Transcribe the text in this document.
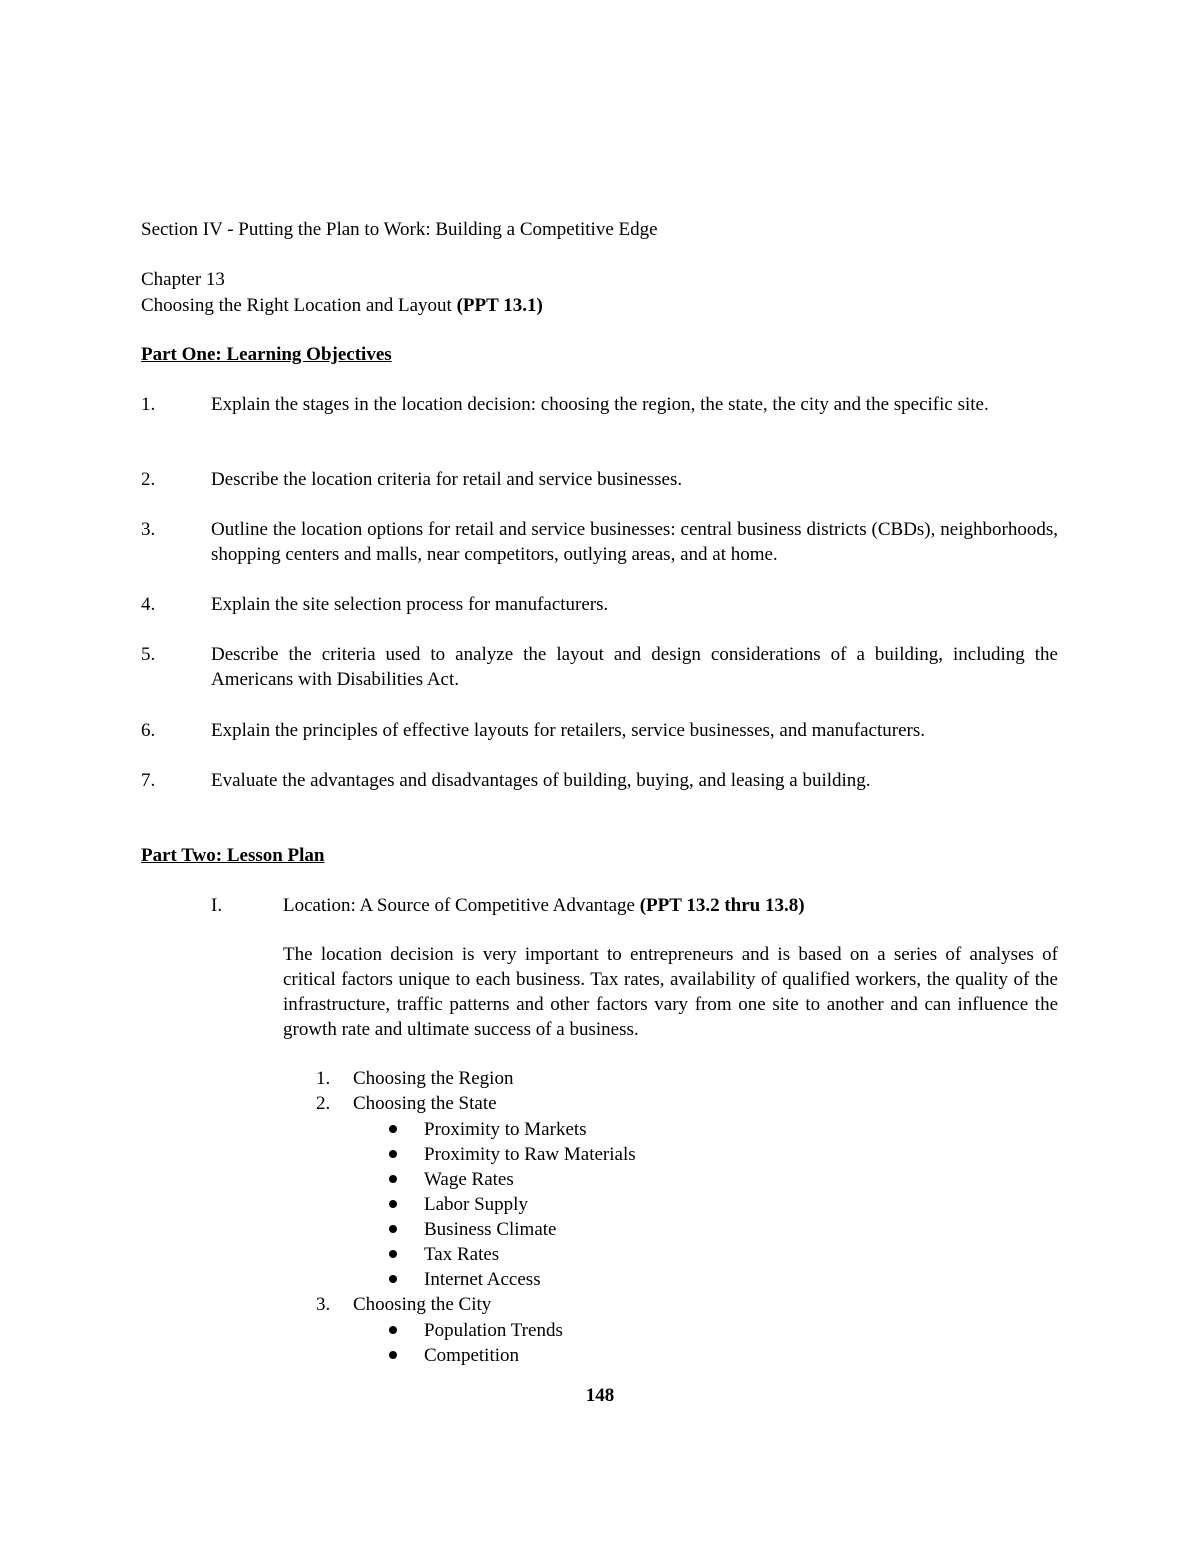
Section IV - Putting the Plan to Work: Building a Competitive Edge
Chapter 13
Choosing the Right Location and Layout (PPT 13.1)
Part One: Learning Objectives
1.	Explain the stages in the location decision: choosing the region, the state, the city and the specific site.
2.	Describe the location criteria for retail and service businesses.
3.	Outline the location options for retail and service businesses: central business districts (CBDs), neighborhoods, shopping centers and malls, near competitors, outlying areas, and at home.
4.	Explain the site selection process for manufacturers.
5.	Describe the criteria used to analyze the layout and design considerations of a building, including the Americans with Disabilities Act.
6.	Explain the principles of effective layouts for retailers, service businesses, and manufacturers.
7.	Evaluate the advantages and disadvantages of building, buying, and leasing a building.
Part Two: Lesson Plan
I.	Location: A Source of Competitive Advantage (PPT 13.2 thru 13.8)
The location decision is very important to entrepreneurs and is based on a series of analyses of critical factors unique to each business. Tax rates, availability of qualified workers, the quality of the infrastructure, traffic patterns and other factors vary from one site to another and can influence the growth rate and ultimate success of a business.
1. Choosing the Region
2. Choosing the State
Proximity to Markets
Proximity to Raw Materials
Wage Rates
Labor Supply
Business Climate
Tax Rates
Internet Access
3. Choosing the City
Population Trends
Competition
148
